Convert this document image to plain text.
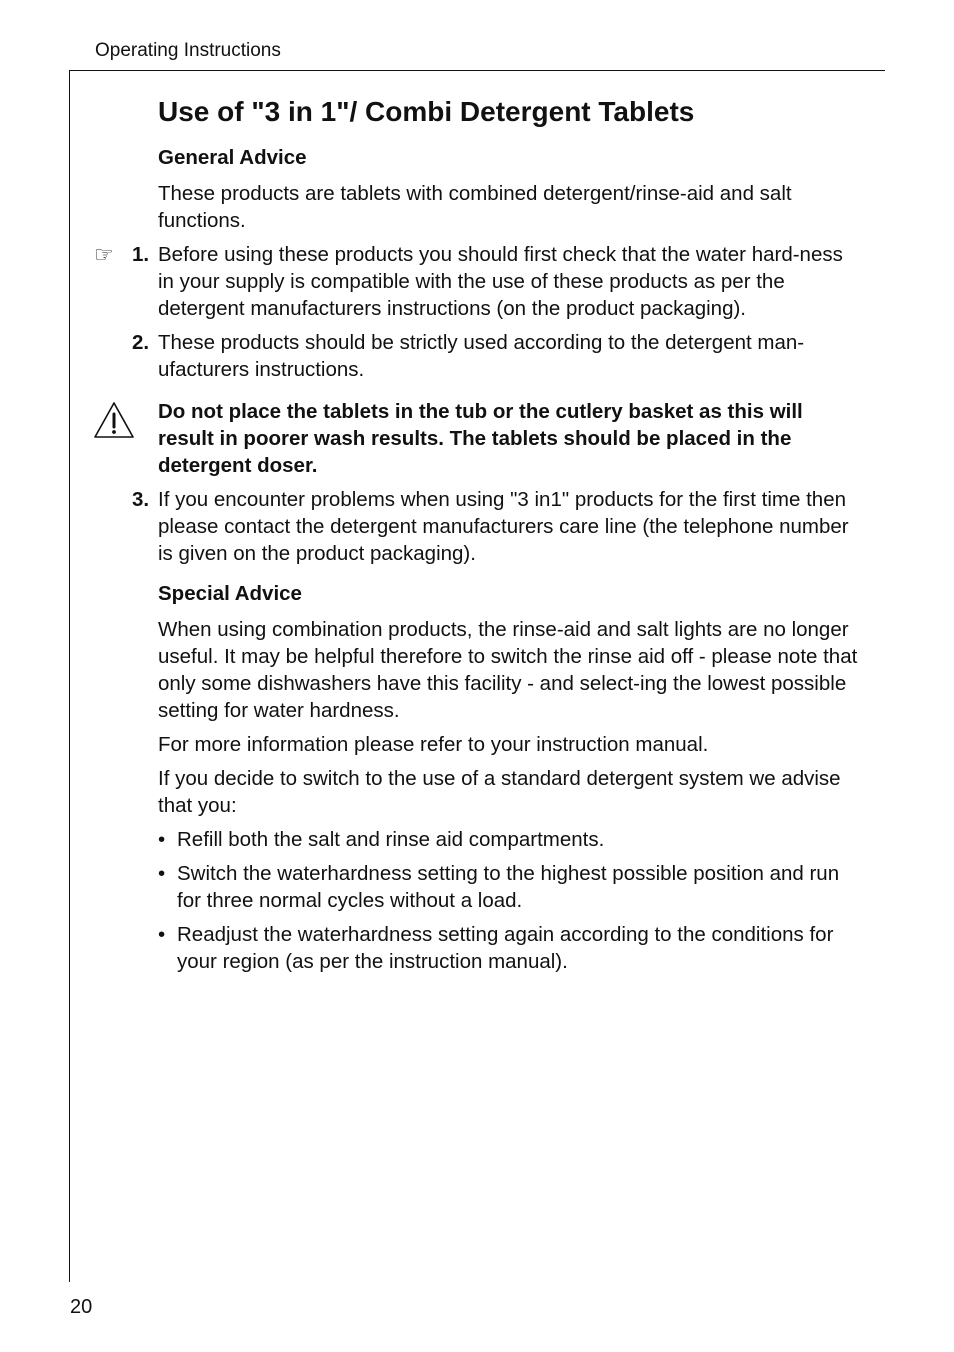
Operating Instructions
Use of "3 in 1"/ Combi Detergent Tablets
General Advice
These products are tablets with combined detergent/rinse-aid and salt functions.
☞ 1. Before using these products you should first check that the water hard-ness in your supply is compatible with the use of these products as per the detergent manufacturers instructions (on the product packaging).
2. These products should be strictly used according to the detergent man-ufacturers instructions.
Do not place the tablets in the tub or the cutlery basket as this will result in poorer wash results. The tablets should be placed in the detergent doser.
3. If you encounter problems when using "3 in1" products for the first time then please contact the detergent manufacturers care line (the telephone number is given on the product packaging).
Special Advice
When using combination products, the rinse-aid and salt lights are no longer useful. It may be helpful therefore to switch the rinse aid off - please note that only some dishwashers have this facility - and select-ing the lowest possible setting for water hardness.
For more information please refer to your instruction manual.
If you decide to switch to the use of a standard detergent system we advise that you:
• Refill both the salt and rinse aid compartments.
• Switch the waterhardness setting to the highest possible position and run for three normal cycles without a load.
• Readjust the waterhardness setting again according to the conditions for your region (as per the instruction manual).
20
